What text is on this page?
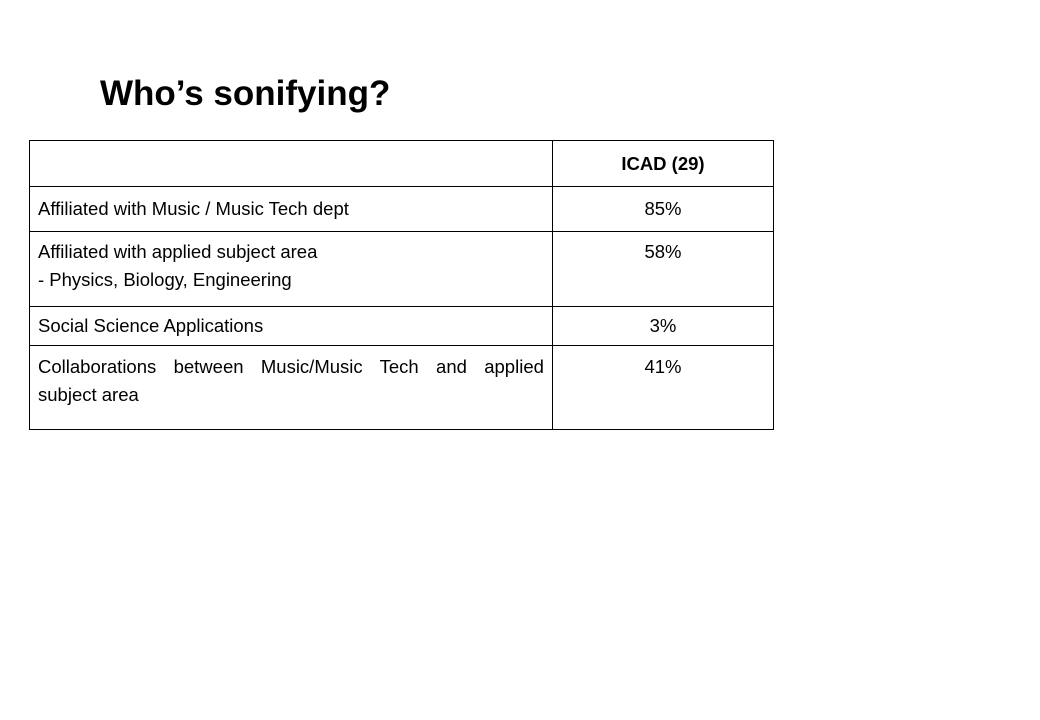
Who’s sonifying?
	ICAD (29)

Affiliated with Music / Music Tech dept	85%

Affiliated with applied subject area
- Physics, Biology, Engineering	58%

Social Science Applications	3%

Collaborations between Music/Music Tech and applied subject area	41%
